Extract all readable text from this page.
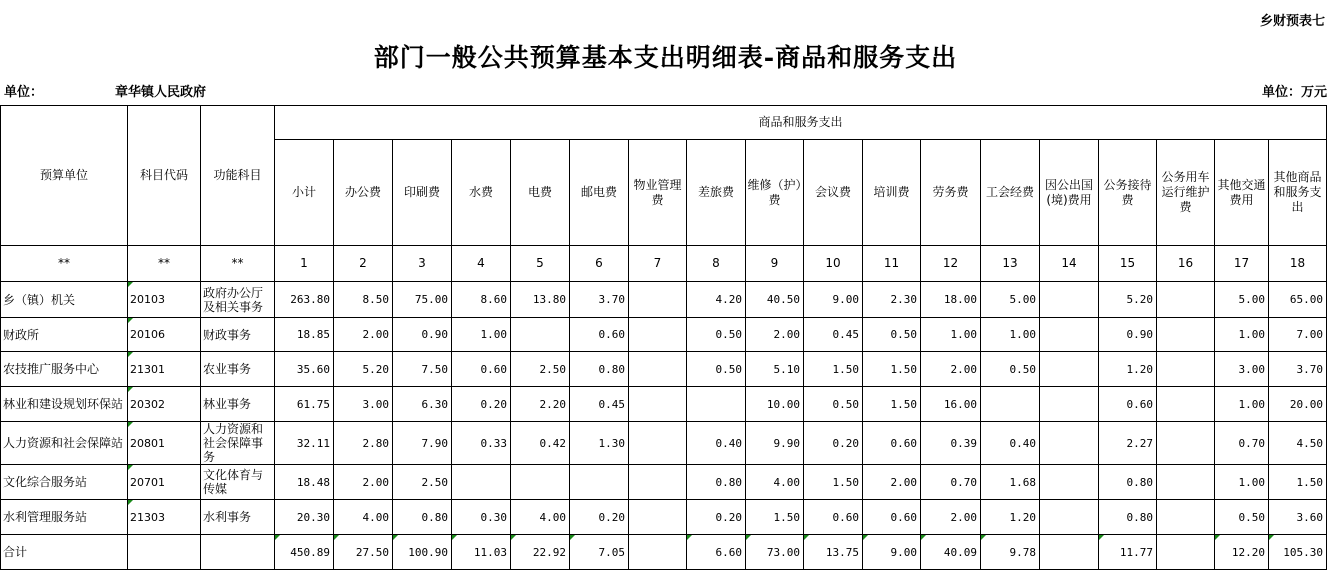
乡财预表七
部门一般公共预算基本支出明细表-商品和服务支出
单位：	章华镇人民政府	单位：万元
预算单位	科目代码	功能科目	商品和服务支出																	
			小计	办公费	印刷费	水费	电费	邮电费	物业管理费	差旅费	维修（护）费	会议费	培训费	劳务费	工会经费	因公出国(境)费用	公务接待费	公务用车运行维护费	其他交通费用	其他商品和服务支出
**	**	**	1	2	3	4	5	6	7	8	9	10	11	12	13	14	15	16	17	18
乡（镇）机关	20103	政府办公厅及相关事务	263.80	8.50	75.00	8.60	13.80	3.70		4.20	40.50	9.00	2.30	18.00	5.00		5.20		5.00	65.00
财政所	20106	财政事务	18.85	2.00	0.90	1.00		0.60		0.50	2.00	0.45	0.50	1.00	1.00		0.90		1.00	7.00
农技推广服务中心	21301	农业事务	35.60	5.20	7.50	0.60	2.50	0.80		0.50	5.10	1.50	1.50	2.00	0.50		1.20		3.00	3.70
林业和建设规划环保站	20302	林业事务	61.75	3.00	6.30	0.20	2.20	0.45			10.00	0.50	1.50	16.00			0.60		1.00	20.00
人力资源和社会保障站	20801	人力资源和社会保障事务	32.11	2.80	7.90	0.33	0.42	1.30		0.40	9.90	0.20	0.60	0.39	0.40		2.27		0.70	4.50
文化综合服务站	20701	文化体育与传媒	18.48	2.00	2.50					0.80	4.00	1.50	2.00	0.70	1.68		0.80		1.00	1.50
水利管理服务站	21303	水利事务	20.30	4.00	0.80	0.30	4.00	0.20		0.20	1.50	0.60	0.60	2.00	1.20		0.80		0.50	3.60
合计			450.89	27.50	100.90	11.03	22.92	7.05		6.60	73.00	13.75	9.00	40.09	9.78		11.77		12.20	105.30
